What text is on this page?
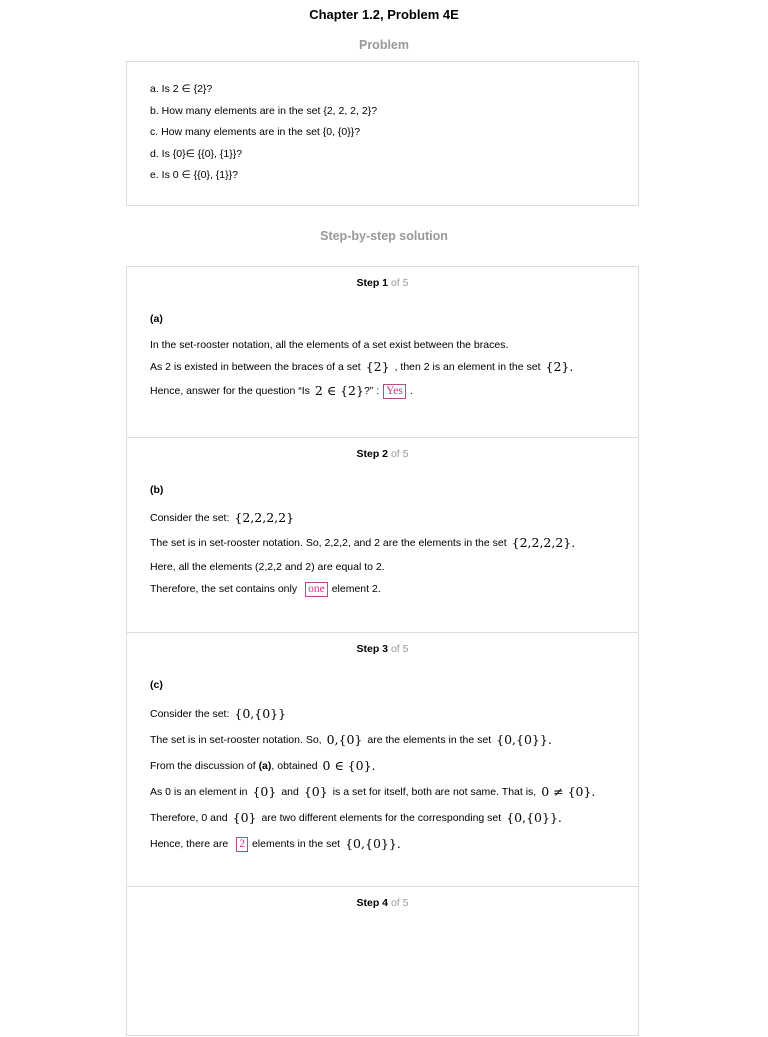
Chapter 1.2, Problem 4E
Problem
a. Is 2 ∈ {2}?
b. How many elements are in the set {2, 2, 2, 2}?
c. How many elements are in the set {0, {0}}?
d. Is {0}∈ {{0}, {1}}?
e. Is 0 ∈ {{0}, {1}}?
Step-by-step solution
Step 1 of 5
(a)
In the set-rooster notation, all the elements of a set exist between the braces.
As 2 is existed in between the braces of a set {2} , then 2 is an element in the set {2}.
Hence, answer for the question “Is 2 ∈ {2} ?” : Yes .
Step 2 of 5
(b)
Consider the set: {2,2,2,2}
The set is in set-rooster notation. So, 2,2,2, and 2 are the elements in the set {2,2,2,2}.
Here, all the elements (2,2,2 and 2) are equal to 2.
Therefore, the set contains only one element 2.
Step 3 of 5
(c)
Consider the set: {0,{0}}
The set is in set-rooster notation. So, 0,{0} are the elements in the set {0,{0}}.
From the discussion of
(a) , obtained 0 ∈ {0}.
As 0 is an element in {0} and {0} is a set for itself, both are not same. That is, 0 ≠ {0}.
Therefore, 0 and {0} are two different elements for the corresponding set {0,{0}}.
Hence, there are 2 elements in the set {0,{0}}.
Step 4 of 5
